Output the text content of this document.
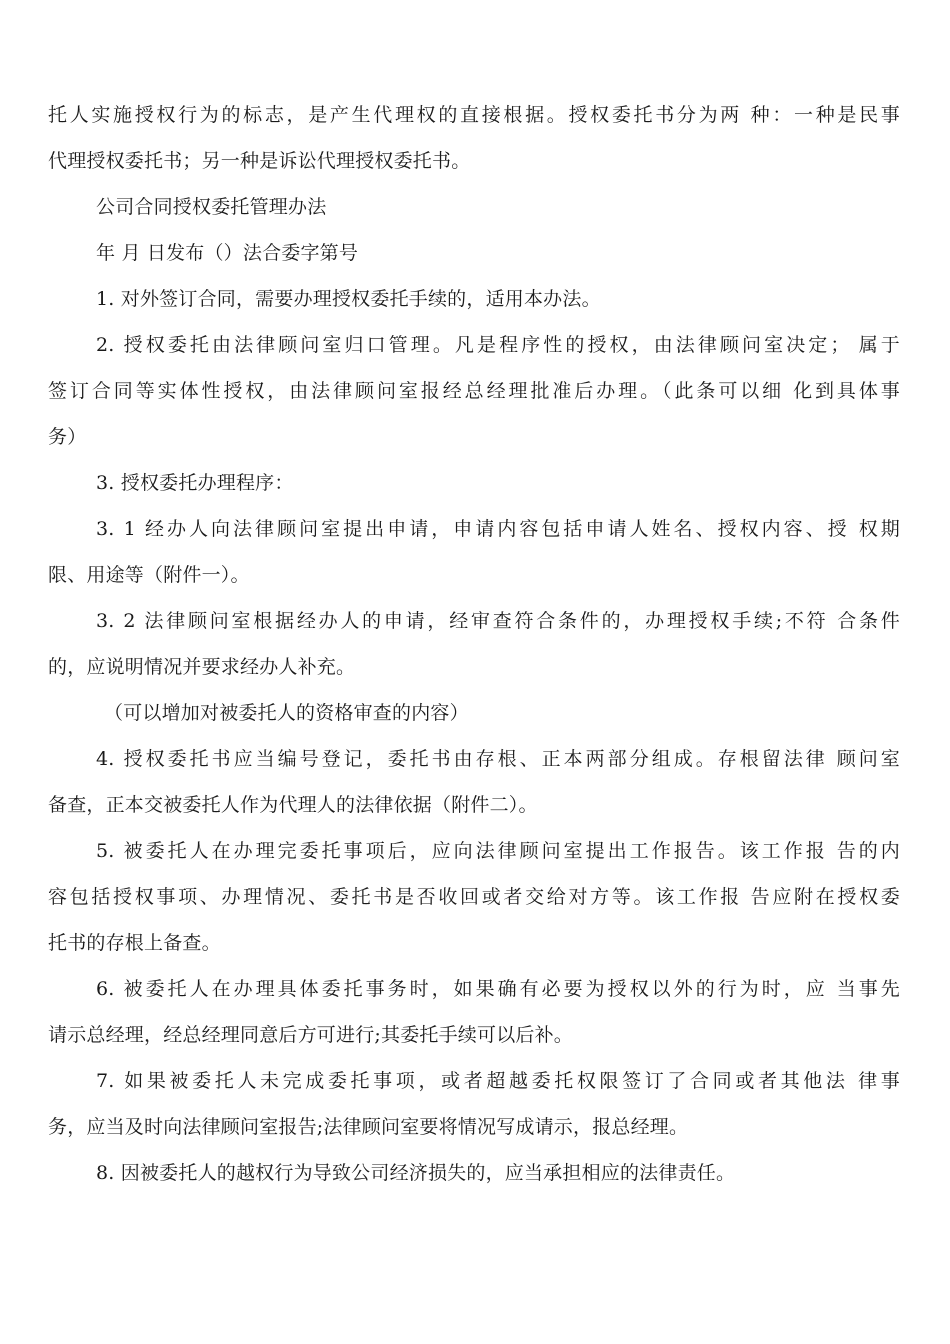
托人实施授权行为的标志，是产生代理权的直接根据。授权委托书分为两 种：一种是民事
代理授权委托书；另一种是诉讼代理授权委托书。
公司合同授权委托管理办法
年 月 日发布（）法合委字第号
1. 对外签订合同，需要办理授权委托手续的，适用本办法。
2. 授权委托由法律顾问室归口管理。凡是程序性的授权，由法律顾问室决定； 属于
签订合同等实体性授权，由法律顾问室报经总经理批准后办理。（此条可以细 化到具体事
务）
3. 授权委托办理程序：
3. 1 经办人向法律顾问室提出申请，申请内容包括申请人姓名、授权内容、授 权期
限、用途等（附件一）。
3. 2 法律顾问室根据经办人的申请，经审查符合条件的，办理授权手续;不符 合条件
的，应说明情况并要求经办人补充。
（可以增加对被委托人的资格审查的内容）
4. 授权委托书应当编号登记，委托书由存根、正本两部分组成。存根留法律 顾问室
备查，正本交被委托人作为代理人的法律依据（附件二）。
5. 被委托人在办理完委托事项后，应向法律顾问室提出工作报告。该工作报 告的内
容包括授权事项、办理情况、委托书是否收回或者交给对方等。该工作报 告应附在授权委
托书的存根上备查。
6. 被委托人在办理具体委托事务时，如果确有必要为授权以外的行为时，应 当事先
请示总经理，经总经理同意后方可进行;其委托手续可以后补。
7. 如果被委托人未完成委托事项，或者超越委托权限签订了合同或者其他法 律事
务，应当及时向法律顾问室报告;法律顾问室要将情况写成请示，报总经理。
8. 因被委托人的越权行为导致公司经济损失的，应当承担相应的法律责任。
